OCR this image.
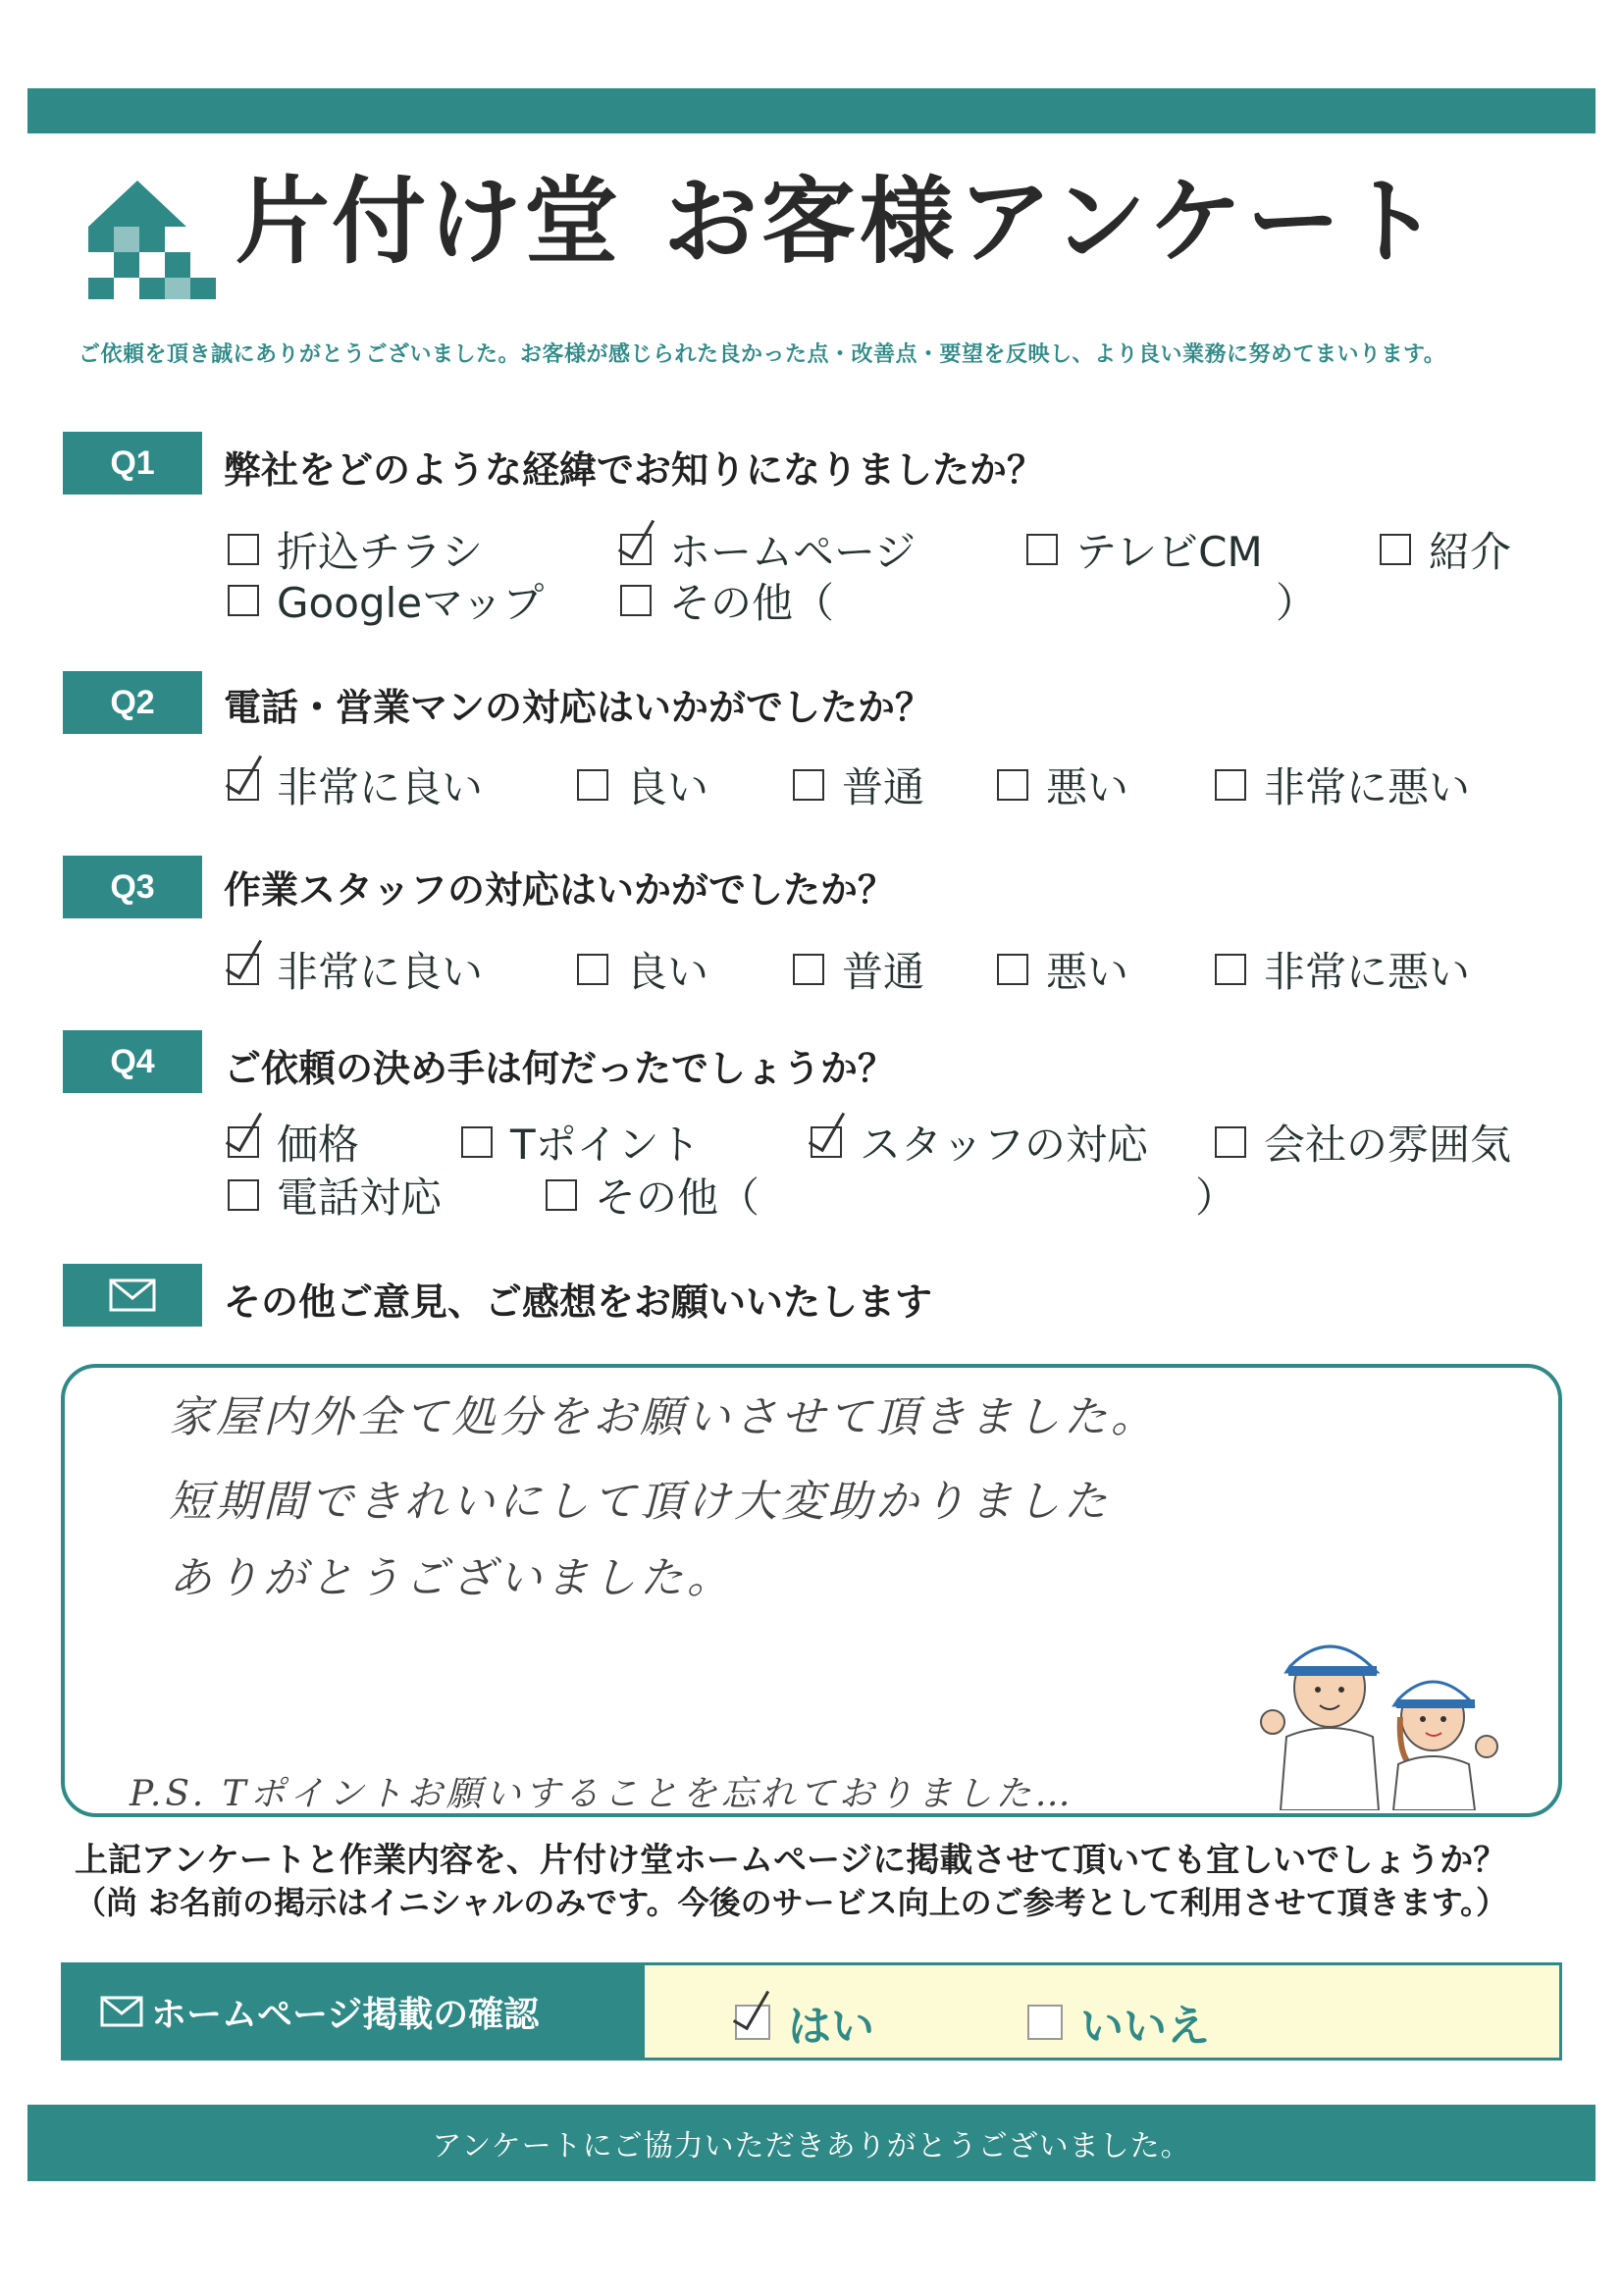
片付け堂 お客様アンケート
ご依頼を頂き誠にありがとうございました。お客様が感じられた良かった点・改善点・要望を反映し、より良い業務に努めてまいります。
Q1	弊社をどのような経緯でお知りになりましたか？
折込チラシ	ホームページ	テレビCM	紹介
Googleマップ	その他（	）
Q2	電話・営業マンの対応はいかがでしたか？
非常に良い	良い	普通	悪い	非常に悪い
Q3	作業スタッフの対応はいかがでしたか？
非常に良い	良い	普通	悪い	非常に悪い
Q4	ご依頼の決め手は何だったでしょうか？
価格	Tポイント	スタッフの対応	会社の雰囲気
電話対応	その他（	）
その他ご意見、ご感想をお願いいたします
家屋内外全て処分をお願いさせて頂きました。
短期間できれいにして頂け大変助かりました
ありがとうございました。
P.S. Tポイントお願いすることを忘れておりました…
上記アンケートと作業内容を、片付け堂ホームページに掲載させて頂いても宜しいでしょうか？
（尚 お名前の掲示はイニシャルのみです。今後のサービス向上のご参考として利用させて頂きます。）
ホームページ掲載の確認	はい	いいえ
アンケートにご協力いただきありがとうございました。
